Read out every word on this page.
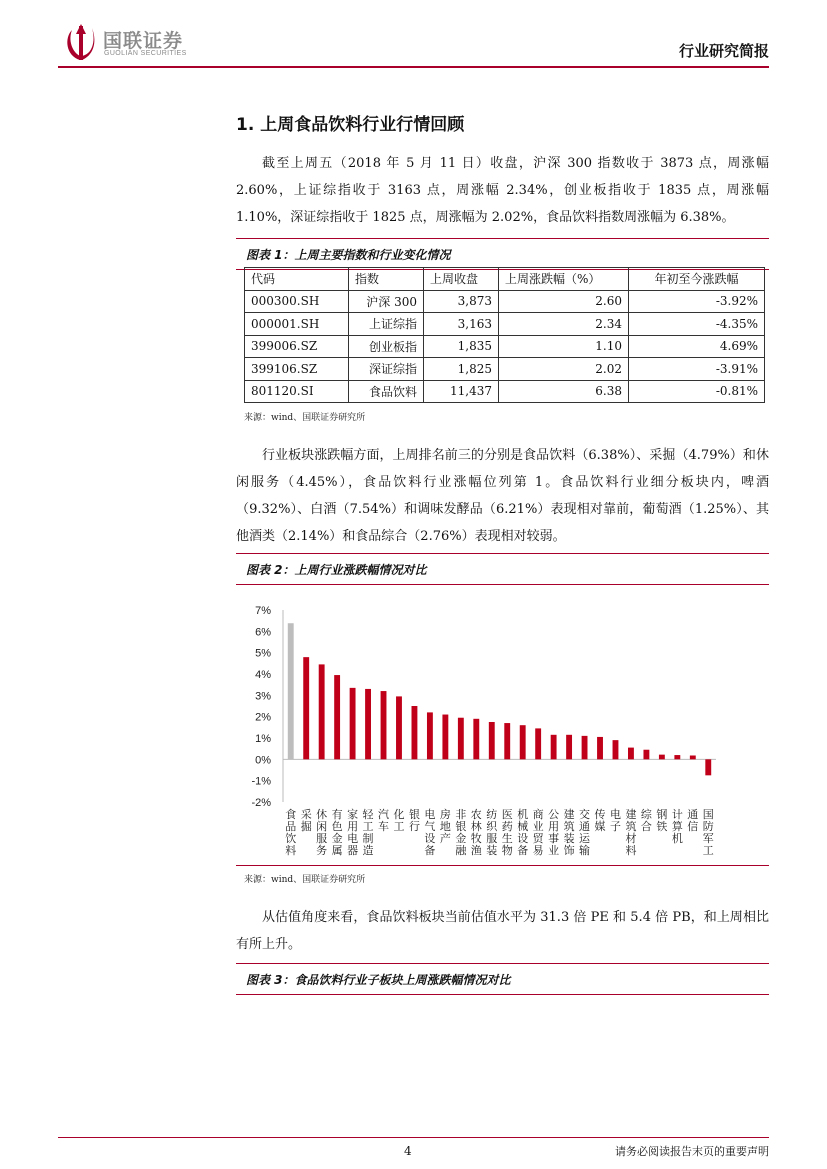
国联证券
GUOLIAN SECURITIES	行业研究简报
1. 上周食品饮料行业行情回顾

截至上周五（2018 年 5 月 11 日）收盘，沪深 300 指数收于 3873 点，周涨幅 2.60%，上证综指收于 3163 点，周涨幅 2.34%，创业板指收于 1835 点，周涨幅 1.10%，深证综指收于 1825 点，周涨幅为 2.02%，食品饮料指数周涨幅为 6.38%。

图表 1：上周主要指数和行业变化情况
代码	指数	上周收盘	上周涨跌幅（%）	年初至今涨跌幅
000300.SH	沪深 300	3,873	2.60	-3.92%
000001.SH	上证综指	3,163	2.34	-4.35%
399006.SZ	创业板指	1,835	1.10	4.69%
399106.SZ	深证综指	1,825	2.02	-3.91%
801120.SI	食品饮料	11,437	6.38	-0.81%
来源：wind、国联证券研究所

行业板块涨跌幅方面，上周排名前三的分别是食品饮料（6.38%）、采掘（4.79%）和休闲服务（4.45%），食品饮料行业涨幅位列第 1。食品饮料行业细分板块内，啤酒（9.32%）、白酒（7.54%）和调味发酵品（6.21%）表现相对靠前，葡萄酒（1.25%）、其他酒类（2.14%）和食品综合（2.76%）表现相对较弱。

图表 2：上周行业涨跌幅情况对比
7%
6%
5%
4%
3%
2%
1%
0%
-1%
-2%
食品饮料
采掘
休闲服务
有色金属
家用电器
轻工制造
汽车
化工
银行
电气设备
房地产
非银金融
农林牧渔
纺织服装
医药生物
机械设备
商业贸易
公用事业
建筑装饰
交通运输
传媒
电子
建筑材料
综合
钢铁
计算机
通信
国防军工
来源：wind、国联证券研究所

从估值角度来看，食品饮料板块当前估值水平为 31.3 倍 PE 和 5.4 倍 PB，和上周相比有所上升。

图表 3：食品饮料行业子板块上周涨跌幅情况对比
4	请务必阅读报告末页的重要声明
